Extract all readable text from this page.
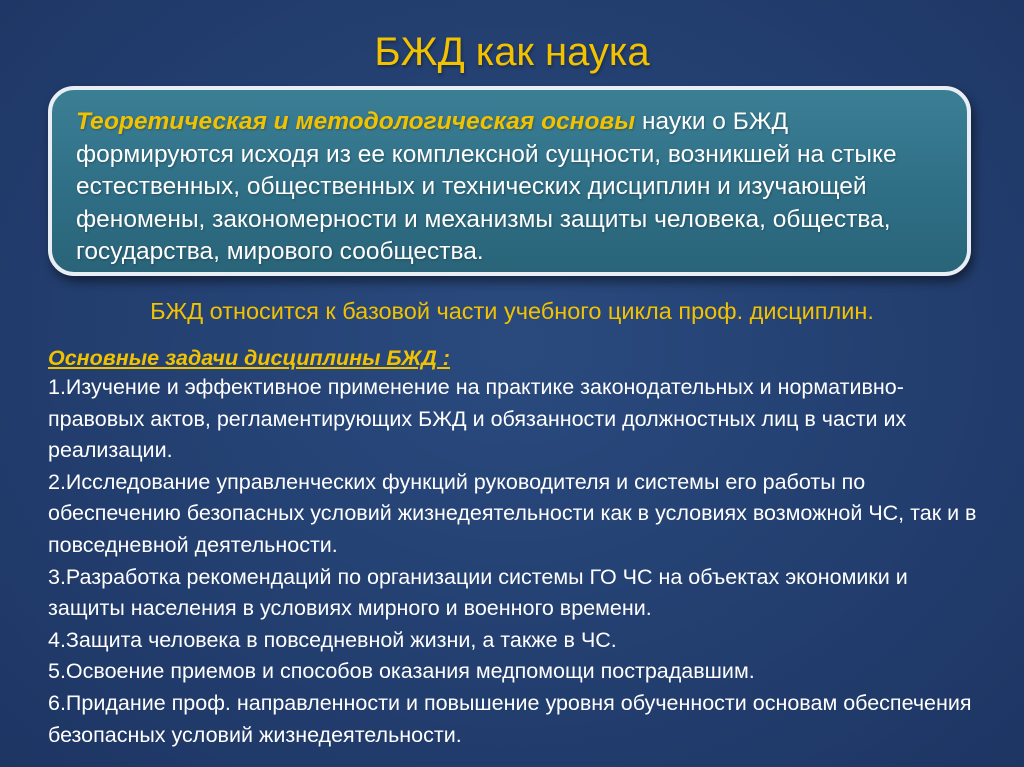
БЖД как наука
Теоретическая и методологическая основы науки о БЖД формируются исходя из ее комплексной сущности, возникшей на стыке естественных, общественных и технических дисциплин и изучающей феномены, закономерности и механизмы защиты человека, общества, государства, мирового сообщества.
БЖД относится к базовой части учебного цикла проф. дисциплин.
Основные задачи дисциплины БЖД :
1.Изучение и эффективное применение на практике законодательных и нормативно-правовых актов, регламентирующих БЖД и обязанности должностных лиц в части их реализации.
2.Исследование управленческих функций руководителя и системы его работы по обеспечению безопасных условий жизнедеятельности как в условиях возможной ЧС, так и в повседневной деятельности.
3.Разработка рекомендаций по организации системы ГО ЧС на объектах экономики и защиты населения в условиях мирного и военного времени.
4.Защита человека в повседневной жизни, а также в ЧС.
5.Освоение приемов и способов оказания медпомощи пострадавшим.
6.Придание проф. направленности и повышение уровня обученности основам обеспечения безопасных условий жизнедеятельности.
